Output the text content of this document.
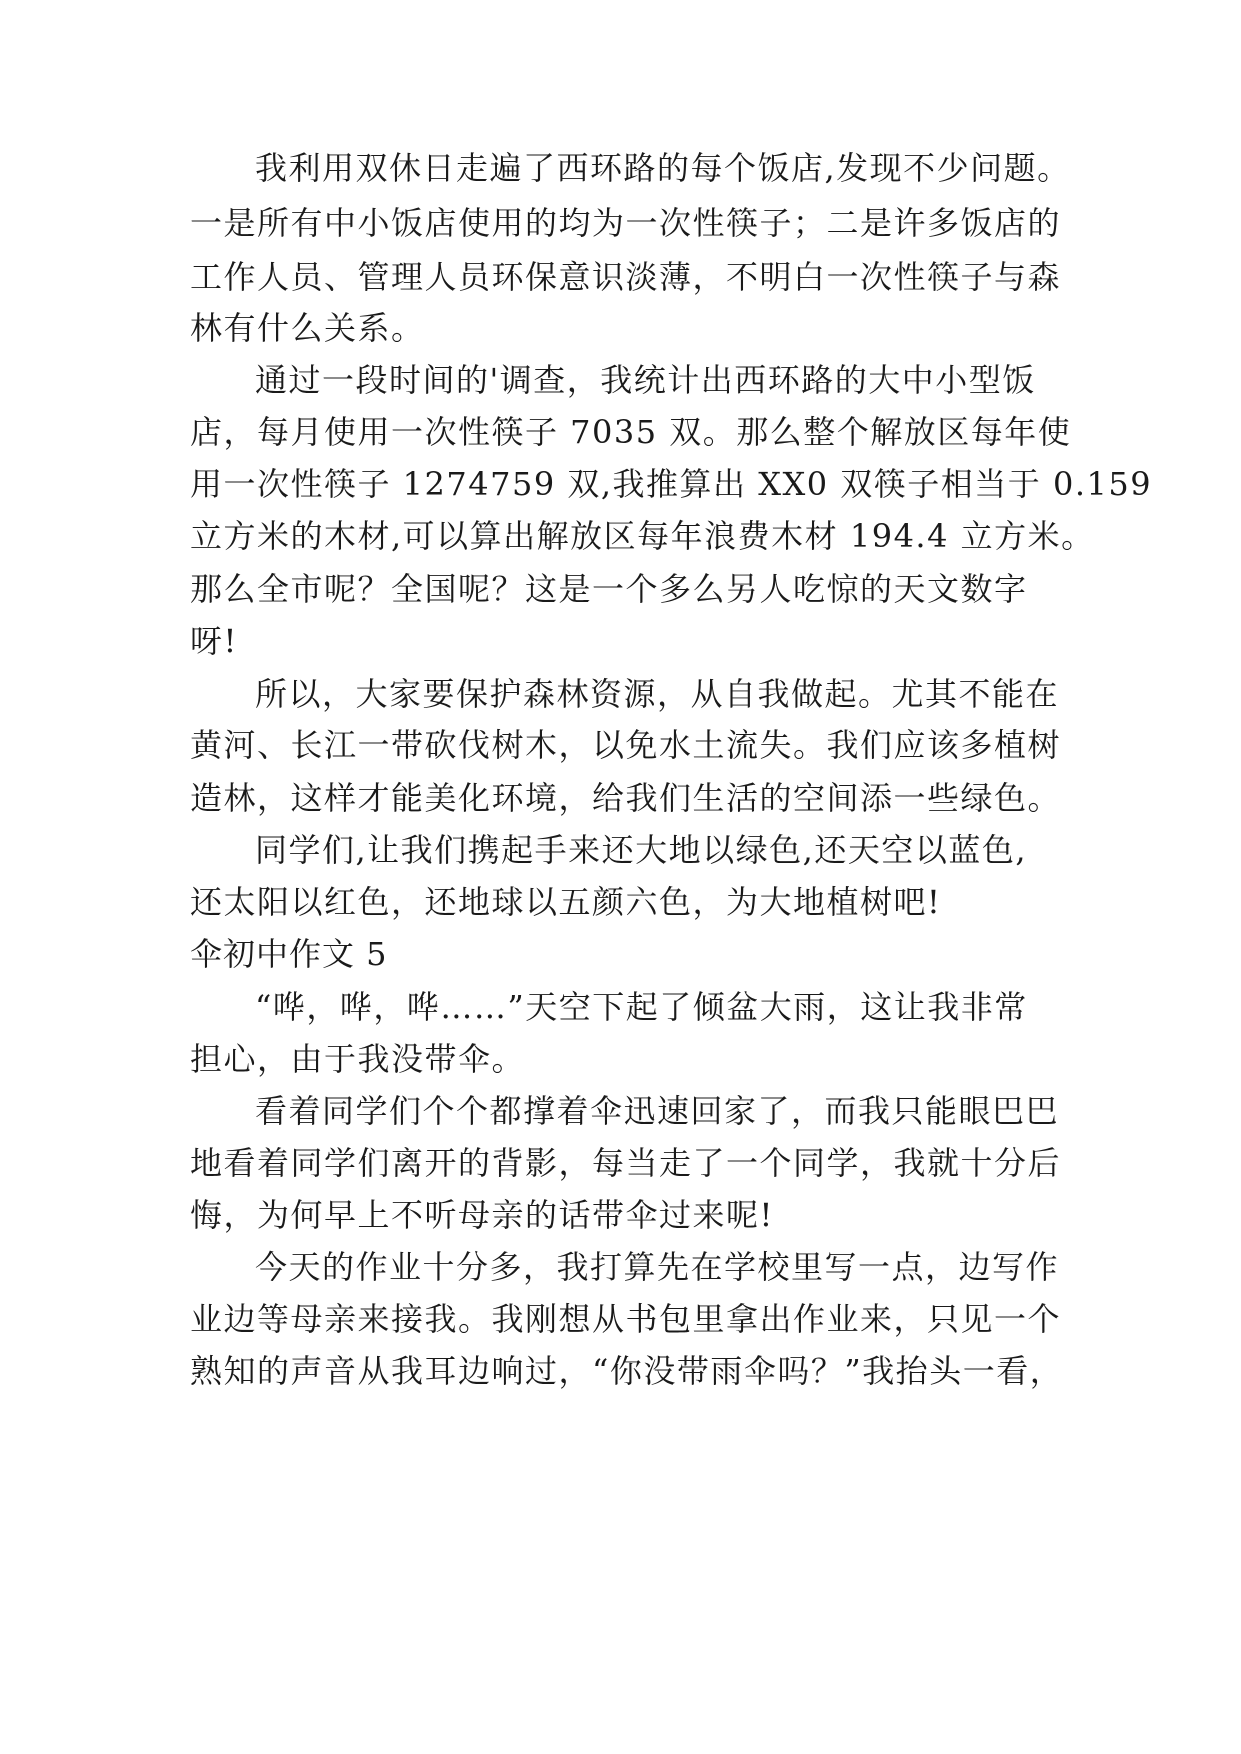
我利用双休日走遍了西环路的每个饭店,发现不少问题。
一是所有中小饭店使用的均为一次性筷子；二是许多饭店的
工作人员、管理人员环保意识淡薄，不明白一次性筷子与森
林有什么关系。
通过一段时间的'调查，我统计出西环路的大中小型饭
店，每月使用一次性筷子 7035 双。那么整个解放区每年使
用一次性筷子 1274759 双,我推算出 XX0 双筷子相当于 0.159
立方米的木材,可以算出解放区每年浪费木材 194.4 立方米。
那么全市呢？全国呢？这是一个多么另人吃惊的天文数字
呀!
所以，大家要保护森林资源，从自我做起。尤其不能在
黄河、长江一带砍伐树木，以免水土流失。我们应该多植树
造林，这样才能美化环境，给我们生活的空间添一些绿色。
同学们,让我们携起手来还大地以绿色,还天空以蓝色,
还太阳以红色，还地球以五颜六色，为大地植树吧!
伞初中作文 5
“哗，哗，哗……”天空下起了倾盆大雨，这让我非常
担心，由于我没带伞。
看着同学们个个都撑着伞迅速回家了，而我只能眼巴巴
地看着同学们离开的背影，每当走了一个同学，我就十分后
悔，为何早上不听母亲的话带伞过来呢!
今天的作业十分多，我打算先在学校里写一点，边写作
业边等母亲来接我。我刚想从书包里拿出作业来，只见一个
熟知的声音从我耳边响过，“你没带雨伞吗？”我抬头一看，
